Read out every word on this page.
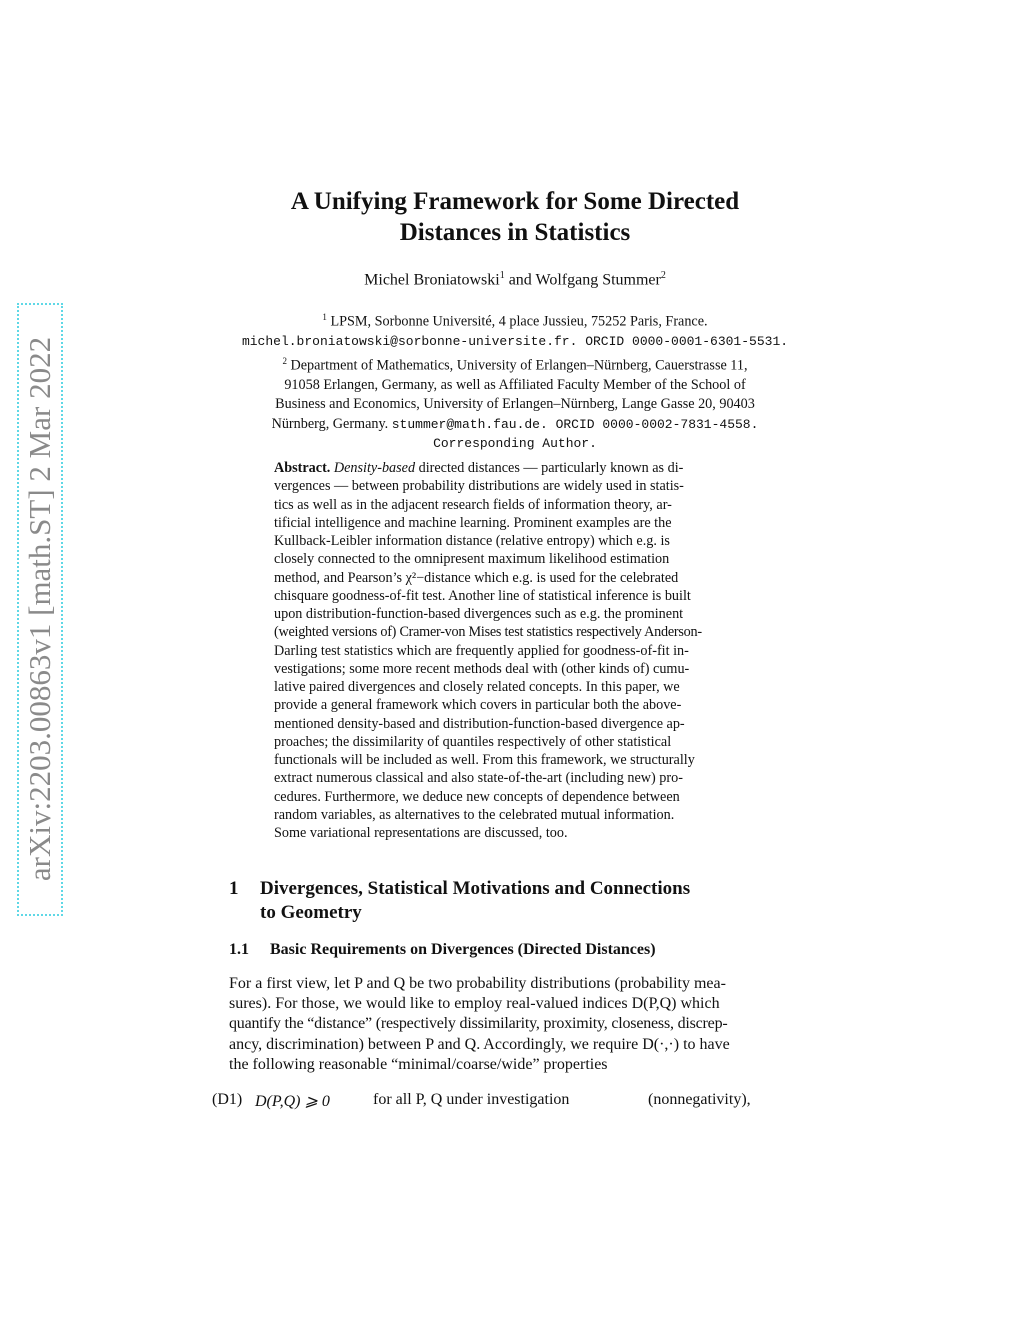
arXiv:2203.00863v1 [math.ST] 2 Mar 2022
A Unifying Framework for Some Directed
Distances in Statistics
Michel Broniatowski$^1$ and Wolfgang Stummer$^2$
$^1$ LPSM, Sorbonne Université, 4 place Jussieu, 75252 Paris, France.
michel.broniatowski@sorbonne-universite.fr. ORCID 0000-0001-6301-5531.
$^2$ Department of Mathematics, University of Erlangen–Nürnberg, Cauerstrasse 11,
91058 Erlangen, Germany, as well as Affiliated Faculty Member of the School of
Business and Economics, University of Erlangen–Nürnberg, Lange Gasse 20, 90403
Nürnberg, Germany. stummer@math.fau.de. ORCID 0000-0002-7831-4558.
Corresponding Author.
Abstract. Density-based directed distances — particularly known as di-
vergences — between probability distributions are widely used in statis-
tics as well as in the adjacent research fields of information theory, ar-
tificial intelligence and machine learning. Prominent examples are the
Kullback-Leibler information distance (relative entropy) which e.g. is
closely connected to the omnipresent maximum likelihood estimation
method, and Pearson’s χ²−distance which e.g. is used for the celebrated
chisquare goodness-of-fit test. Another line of statistical inference is built
upon distribution-function-based divergences such as e.g. the prominent
(weighted versions of) Cramer-von Mises test statistics respectively Anderson-
Darling test statistics which are frequently applied for goodness-of-fit in-
vestigations; some more recent methods deal with (other kinds of) cumu-
lative paired divergences and closely related concepts. In this paper, we
provide a general framework which covers in particular both the above-
mentioned density-based and distribution-function-based divergence ap-
proaches; the dissimilarity of quantiles respectively of other statistical
functionals will be included as well. From this framework, we structurally
extract numerous classical and also state-of-the-art (including new) pro-
cedures. Furthermore, we deduce new concepts of dependence between
random variables, as alternatives to the celebrated mutual information.
Some variational representations are discussed, too.
1 Divergences, Statistical Motivations and Connections
to Geometry
1.1 Basic Requirements on Divergences (Directed Distances)
For a first view, let P and Q be two probability distributions (probability mea-
sures). For those, we would like to employ real-valued indices D(P,Q) which
quantify the “distance” (respectively dissimilarity, proximity, closeness, discrep-
ancy, discrimination) between P and Q. Accordingly, we require D(·,·) to have
the following reasonable “minimal/coarse/wide” properties
(D1) D(P,Q) ⩾ 0	for all P, Q under investigation	(nonnegativity),
